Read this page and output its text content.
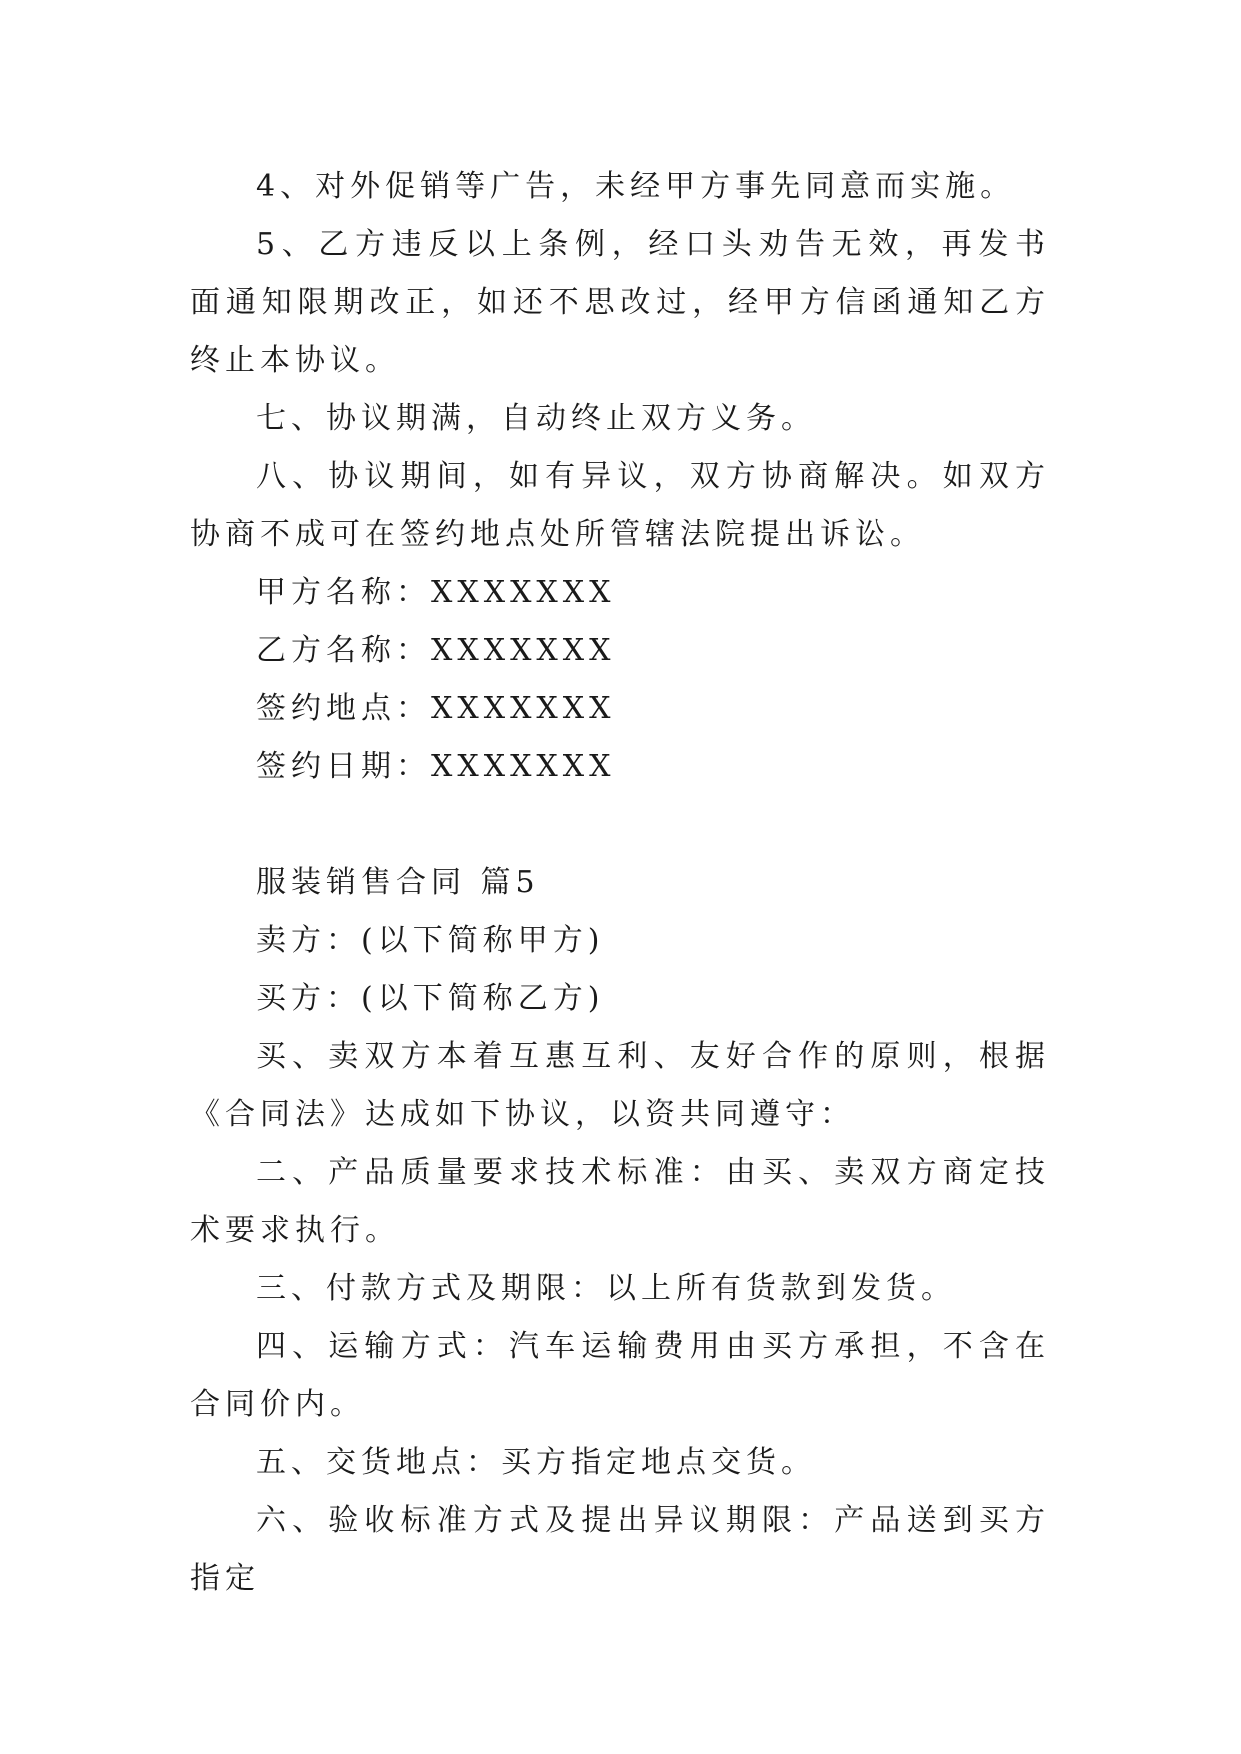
4、对外促销等广告，未经甲方事先同意而实施。

5、乙方违反以上条例，经口头劝告无效，再发书面通知限期改正，如还不思改过，经甲方信函通知乙方终止本协议。

七、协议期满，自动终止双方义务。

八、协议期间，如有异议，双方协商解决。如双方协商不成可在签约地点处所管辖法院提出诉讼。

甲方名称：XXXXXXX

乙方名称：XXXXXXX

签约地点：XXXXXXX

签约日期：XXXXXXX

服装销售合同 篇5

卖方：(以下简称甲方)

买方：(以下简称乙方)

买、卖双方本着互惠互利、友好合作的原则，根据《合同法》达成如下协议，以资共同遵守：

二、产品质量要求技术标准：由买、卖双方商定技术要求执行。

三、付款方式及期限：以上所有货款到发货。

四、运输方式：汽车运输费用由买方承担，不含在合同价内。

五、交货地点：买方指定地点交货。

六、验收标准方式及提出异议期限：产品送到买方指定
